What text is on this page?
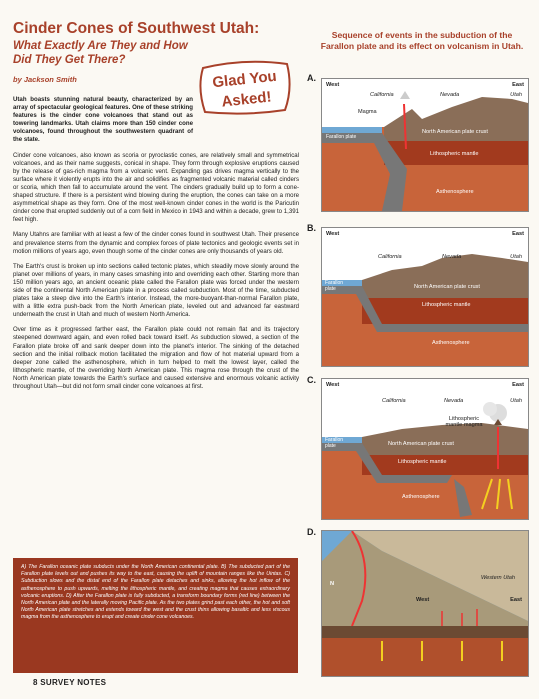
Cinder Cones of Southwest Utah:
What Exactly Are They and How Did They Get There?
by Jackson Smith

Utah boasts stunning natural beauty, characterized by an array of spectacular geological features. One of these striking features is the cinder cone volcanoes that stand out as towering landmarks. Utah claims more than 150 cinder cone volcanoes, found throughout the southwestern quadrant of the state.

Cinder cone volcanoes, also known as scoria or pyroclastic cones, are relatively small and symmetrical volcanoes, and as their name suggests, conical in shape. They form through explosive eruptions caused by the release of gas-rich magma from a volcanic vent. Expanding gas drives magma vertically to the surface where it violently erupts into the air and solidifies as fragmented volcanic material called cinders or scoria, which then fall to accumulate around the vent. The cinders gradually build up to form a cone-shaped structure. If there is a persistent wind blowing during the eruption, the cones can take on a more asymmetrical shape as they form. One of the most well-known cinder cones in the world is the Paricutin cinder cone that erupted suddenly out of a corn field in Mexico in 1943 and within a decade, grew to 1,391 feet high.

Many Utahns are familiar with at least a few of the cinder cones found in southwest Utah. Their presence and prevalence stems from the dynamic and complex forces of plate tectonics and geologic events set in motion millions of years ago, even though some of the cinder cones are only thousands of years old.

The Earth's crust is broken up into sections called tectonic plates, which steadily move slowly around the planet over millions of years, in many cases smashing into and overriding each other. Starting more than 150 million years ago, an ancient oceanic plate called the Farallon plate was forced under the western side of the continental North American plate in a process called subduction. Most of the time, subducted plates take a steep dive into the Earth's interior. Instead, the more-buoyant-than-normal Farallon plate, with a little extra push-back from the North American plate, leveled out and advanced far eastward underneath the crust in Utah and much of western North America.

Over time as it progressed farther east, the Farallon plate could not remain flat and its trajectory steepened downward again, and even rolled back toward itself. As subduction slowed, a section of the Farallon plate broke off and sank deeper down into the planet's interior. The sinking of the detached section and the initial rollback motion facilitated the migration and flow of hot material upward from a deeper zone called the asthenosphere, which in turn helped to melt the lowest layer, called the lithospheric mantle, of the overriding North American plate. This magma rose through the crust of the North American plate towards the Earth's surface and caused extensive and enormous volcanic activity throughout Utah—but did not form small cinder cone volcanoes at first.

Glad You
Asked!
A) The Farallon oceanic plate subducts under the North American continental plate. B) The subducted part of the Farallon plate levels out and pushes its way to the east, causing the uplift of mountain ranges like the Uintas. C) Subduction slows and the distal end of the Farallon plate detaches and sinks, allowing the hot inflow of the asthenosphere to push upwards, melting the lithospheric mantle, and creating magma that causes extraordinary volcanic eruptions. D) After the Farallon plate is fully subducted, a transform boundary forms (red line) between the North American plate and the laterally moving Pacific plate. As the two plates grind past each other, the hot and soft North American plate stretches and extends toward the west and the crust thins allowing basaltic and less viscous magma from the asthenosphere to erupt and create cinder cone volcanoes.
8 SURVEY NOTES
Sequence of events in the subduction of the Farallon plate and its effect on volcanism in Utah.
A.
West	East
California	Nevada	Utah
Magma
Farallon plate
North American plate crust
Lithospheric mantle
Asthenosphere
B.
West	East
California	Nevada	Utah
Farallon plate	North American plate crust
Lithospheric mantle
Asthenosphere
C. West	East
California	Nevada	Utah
Lithospheric mantle magma
Farallon plate	North American plate crust
Lithospheric mantle
Asthenosphere
D.
Western Utah
West	East
N
